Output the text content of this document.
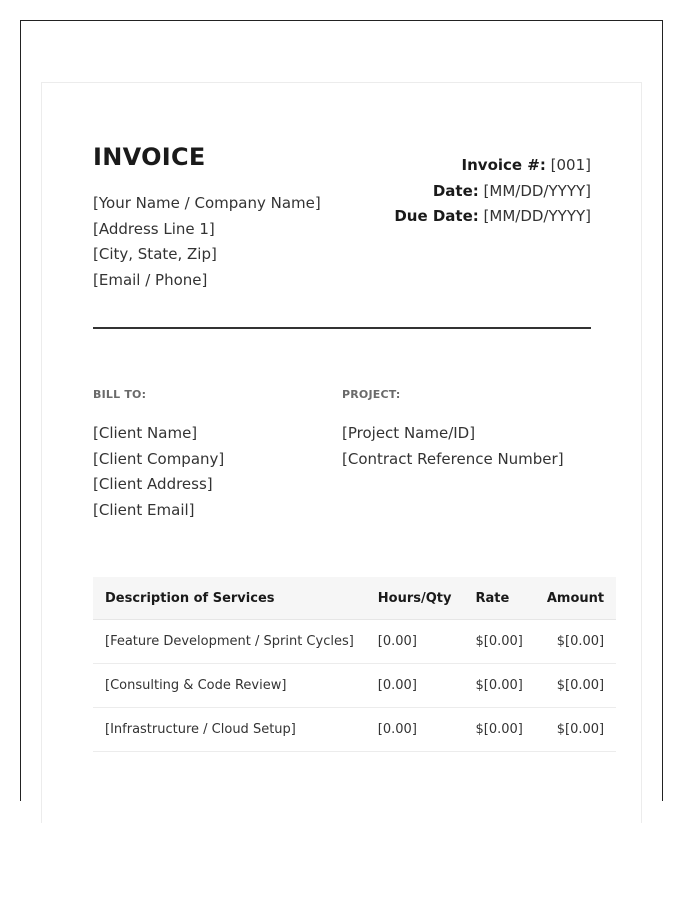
INVOICE
[Your Name / Company Name]
[Address Line 1]
[City, State, Zip]
[Email / Phone]
Invoice #: [001]
Date: [MM/DD/YYYY]
Due Date: [MM/DD/YYYY]
BILL TO:	PROJECT:
[Client Name]
[Client Company]
[Client Address]
[Client Email]
[Project Name/ID]
[Contract Reference Number]
Description of Services	Hours/Qty	Rate	Amount
[Feature Development / Sprint Cycles]	[0.00]	$[0.00]	$[0.00]
[Consulting & Code Review]	[0.00]	$[0.00]	$[0.00]
[Infrastructure / Cloud Setup]	[0.00]	$[0.00]	$[0.00]
